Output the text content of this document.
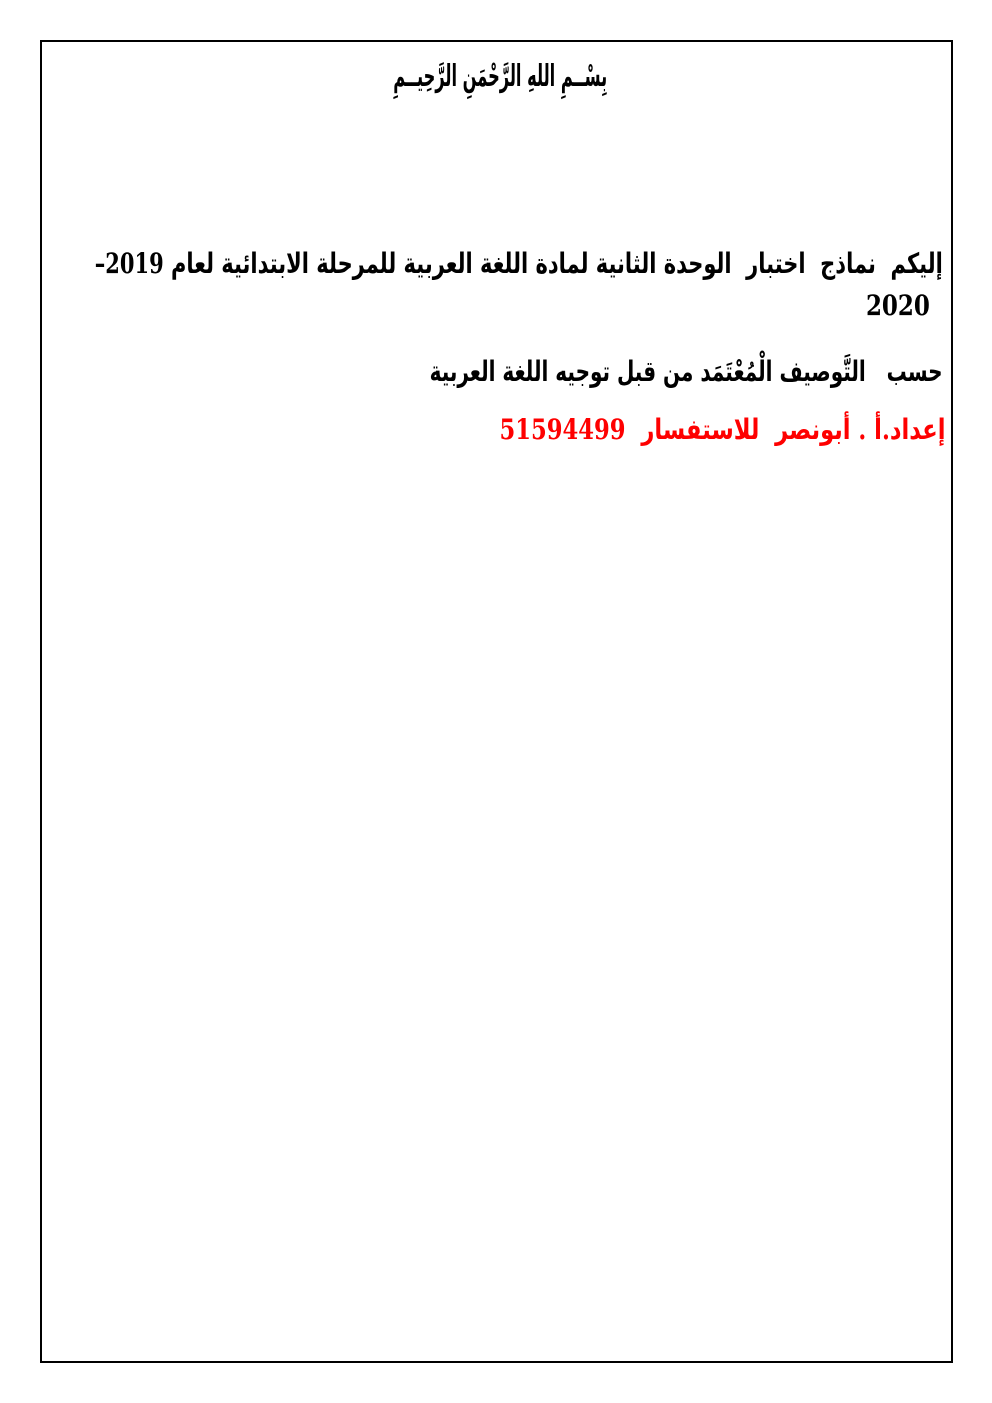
بِسْــمِ اللهِ الرَّحْمَنِ الرَّحِيــمِ
إليكم  نماذج  اختبار  الوحدة الثانية لمادة اللغة العربية للمرحلة الابتدائية لعام 2019–
2020
حسب   التَّوصيف الْمُعْتَمَد من قبل توجيه اللغة العربية
إعداد.أ . أبونصر  للاستفسار  51594499
